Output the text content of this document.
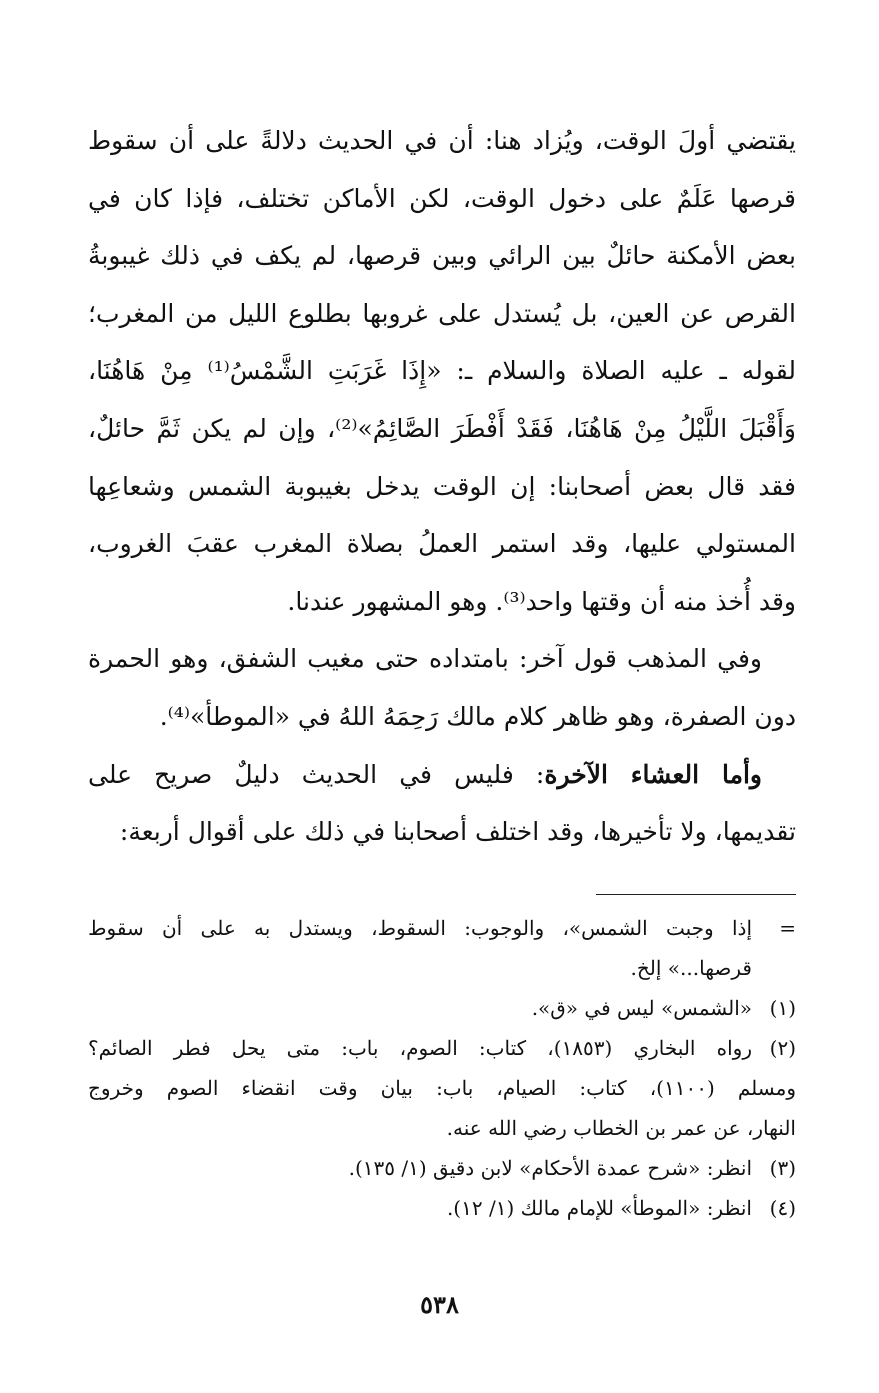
يقتضي أولَ الوقت، ويُزاد هنا: أن في الحديث دلالةً على أن سقوط
قرصها عَلَمٌ على دخول الوقت، لكن الأماكن تختلف، فإذا كان في
بعض الأمكنة حائلٌ بين الرائي وبين قرصها، لم يكف في ذلك غيبوبةُ
القرص عن العين، بل يُستدل على غروبها بطلوع الليل من المغرب؛
لقوله ـ عليه الصلاة والسلام ـ: «إِذَا غَرَبَتِ الشَّمْسُ⁽¹⁾ مِنْ هَاهُنَا،
وَأَقْبَلَ اللَّيْلُ مِنْ هَاهُنَا، فَقَدْ أَفْطَرَ الصَّائِمُ»⁽²⁾، وإن لم يكن ثَمَّ حائلٌ،
فقد قال بعض أصحابنا: إن الوقت يدخل بغيبوبة الشمس وشعاعِها
المستولي عليها، وقد استمر العملُ بصلاة المغرب عقبَ الغروب،
وقد أُخذ منه أن وقتها واحد⁽³⁾. وهو المشهور عندنا.
وفي المذهب قول آخر: بامتداده حتى مغيب الشفق، وهو الحمرة
دون الصفرة، وهو ظاهر كلام مالك رَحِمَهُ اللهُ في «الموطأ»⁽⁴⁾.
وأما العشاء الآخرة: فليس في الحديث دليلٌ صريح على
تقديمها، ولا تأخيرها، وقد اختلف أصحابنا في ذلك على أقوال أربعة:
=
إذا وجبت الشمس»، والوجوب: السقوط، ويستدل به على أن سقوط
قرصها...» إلخ.
(١)
«الشمس» ليس في «ق».
(٢)
رواه البخاري (١٨٥٣)، كتاب: الصوم، باب: متى يحل فطر الصائم؟
ومسلم (١١٠٠)، كتاب: الصيام، باب: بيان وقت انقضاء الصوم وخروج
النهار، عن عمر بن الخطاب رضي الله عنه.
(٣)
انظر: «شرح عمدة الأحكام» لابن دقيق (١/ ١٣٥).
(٤)
انظر: «الموطأ» للإمام مالك (١/ ١٢).
٥٣٨
